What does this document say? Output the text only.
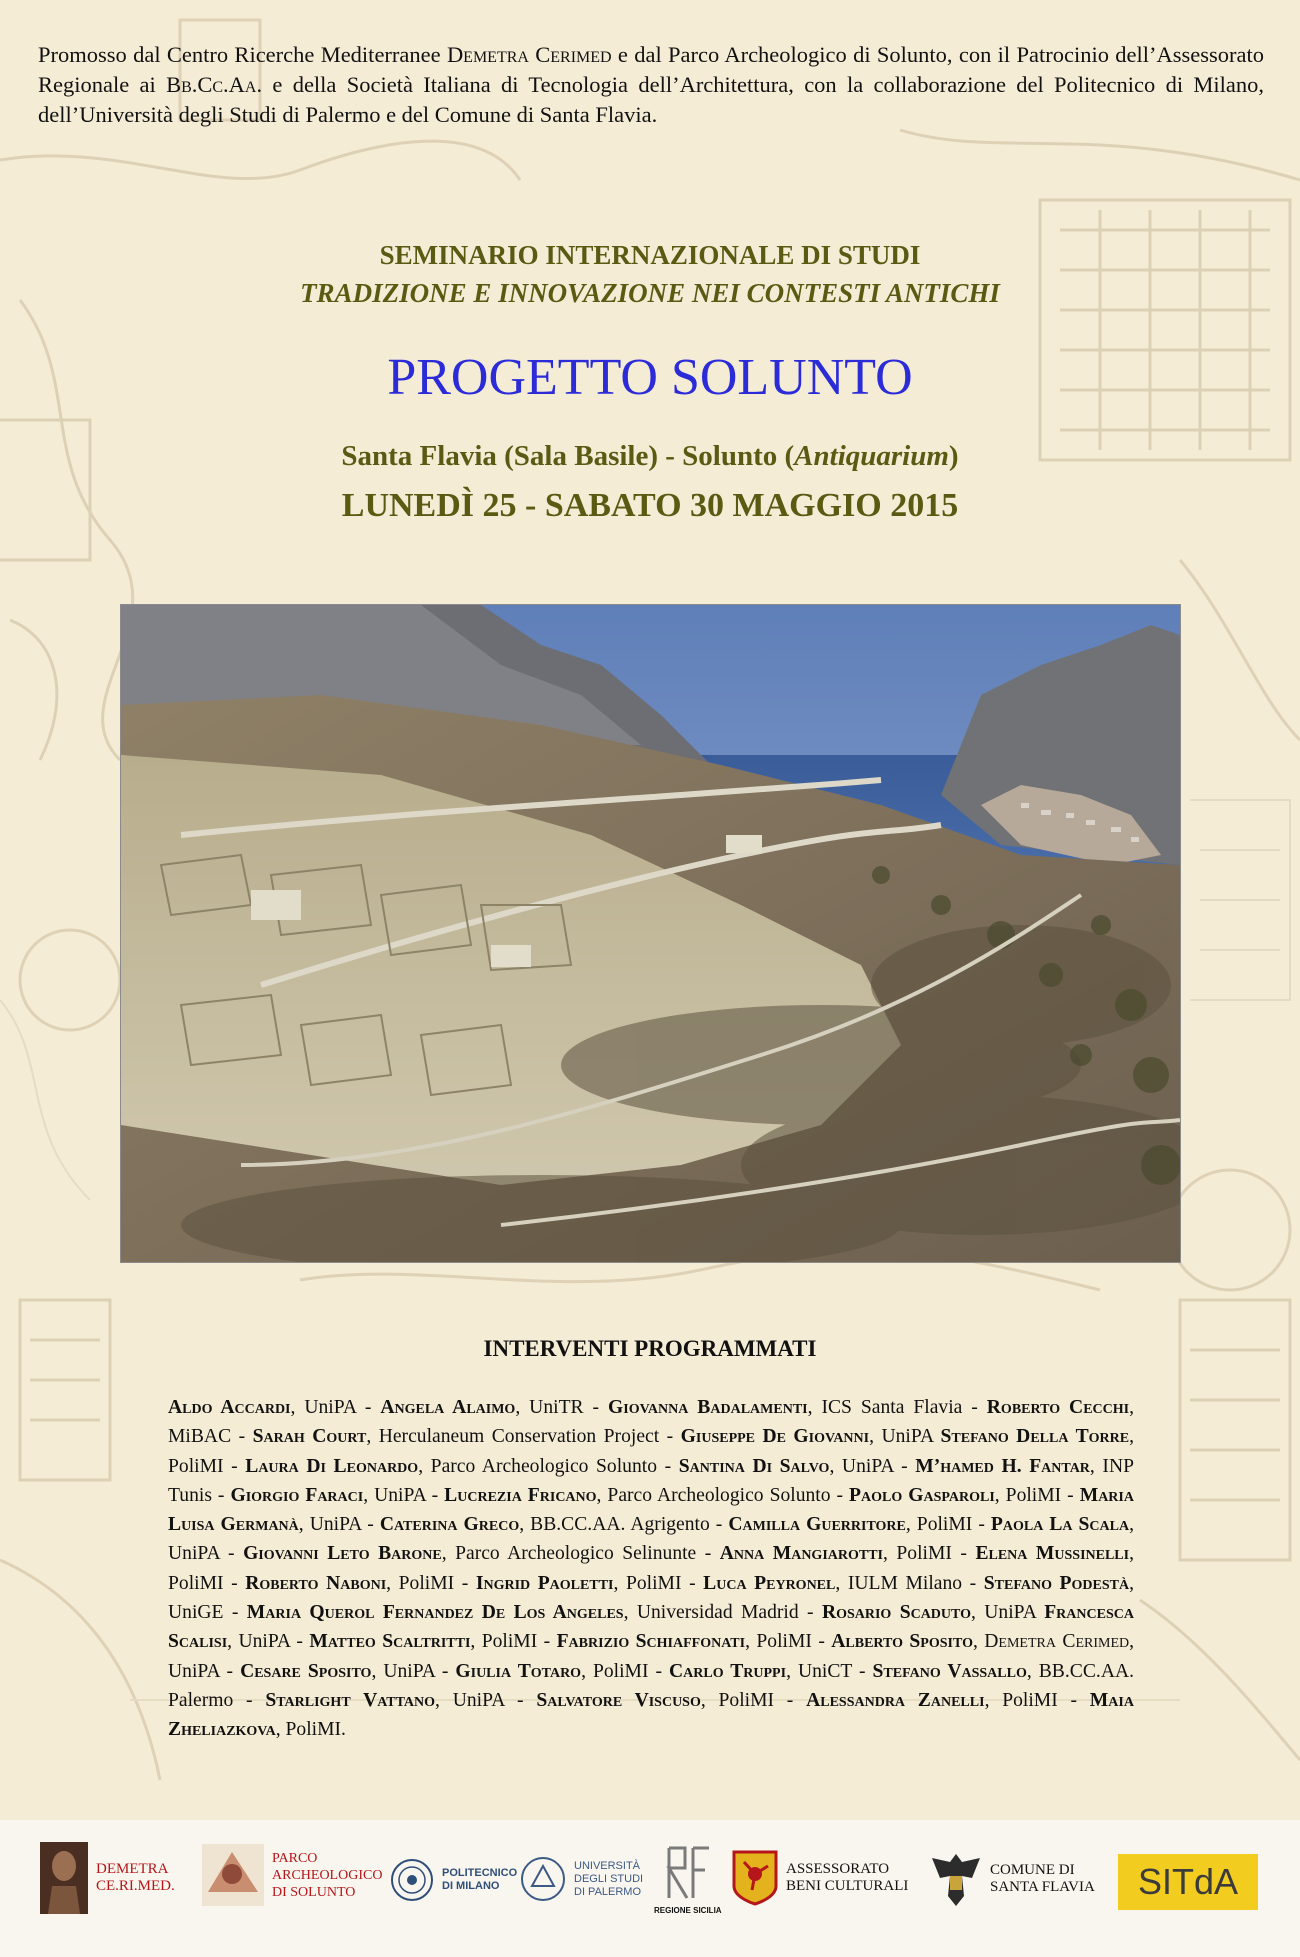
Promosso dal Centro Ricerche Mediterranee Demetra Cerimed e dal Parco Archeologico di Solunto, con il Patrocinio dell’Assessorato Regionale ai Bb.Cc.Aa. e della Società Italiana di Tecnologia dell’Architettura, con la collaborazione del Politecnico di Milano, dell’Università degli Studi di Palermo e del Comune di Santa Flavia.
SEMINARIO INTERNAZIONALE DI STUDI
TRADIZIONE E INNOVAZIONE NEI CONTESTI ANTICHI
PROGETTO SOLUNTO
Santa Flavia (Sala Basile) - Solunto (Antiquarium)
LUNEDÌ 25 - SABATO 30 MAGGIO 2015
INTERVENTI PROGRAMMATI
Aldo Accardi, UniPA - Angela Alaimo, UniTR - Giovanna Badalamenti, ICS Santa Flavia - Roberto Cecchi, MiBAC - Sarah Court, Herculaneum Conservation Project - Giuseppe De Giovanni, UniPA Stefano Della Torre, PoliMI - Laura Di Leonardo, Parco Archeologico Solunto - Santina Di Salvo, UniPA - M’hamed H. Fantar, INP Tunis - Giorgio Faraci, UniPA - Lucrezia Fricano, Parco Archeologico Solunto - Paolo Gasparoli, PoliMI - Maria Luisa Germanà, UniPA - Caterina Greco, BB.CC.AA. Agrigento - Camilla Guerritore, PoliMI - Paola La Scala, UniPA - Giovanni Leto Barone, Parco Archeologico Selinunte - Anna Mangiarotti, PoliMI - Elena Mussinelli, PoliMI - Roberto Naboni, PoliMI - Ingrid Paoletti, PoliMI - Luca Peyronel, IULM Milano - Stefano Podestà, UniGE - Maria Querol Fernandez De Los Angeles, Universidad Madrid - Rosario Scaduto, UniPA Francesca Scalisi, UniPA - Matteo Scaltritti, PoliMI - Fabrizio Schiaffonati, PoliMI - Alberto Sposito, Demetra Cerimed, UniPA - Cesare Sposito, UniPA - Giulia Totaro, PoliMI - Carlo Truppi, UniCT - Stefano Vassallo, BB.CC.AA. Palermo - Starlight Vattano, UniPA - Salvatore Viscuso, PoliMI - Alessandra Zanelli, PoliMI - Maia Zheliazkova, PoliMI.
DEMETRA
CE.RI.MED.
PARCO
ARCHEOLOGICO
DI SOLUNTO
POLITECNICO
DI MILANO
UNIVERSITÀ
DEGLI STUDI
DI PALERMO
REGIONE SICILIA
ASSESSORATO
BENI CULTURALI
COMUNE DI
SANTA FLAVIA	SITdA
